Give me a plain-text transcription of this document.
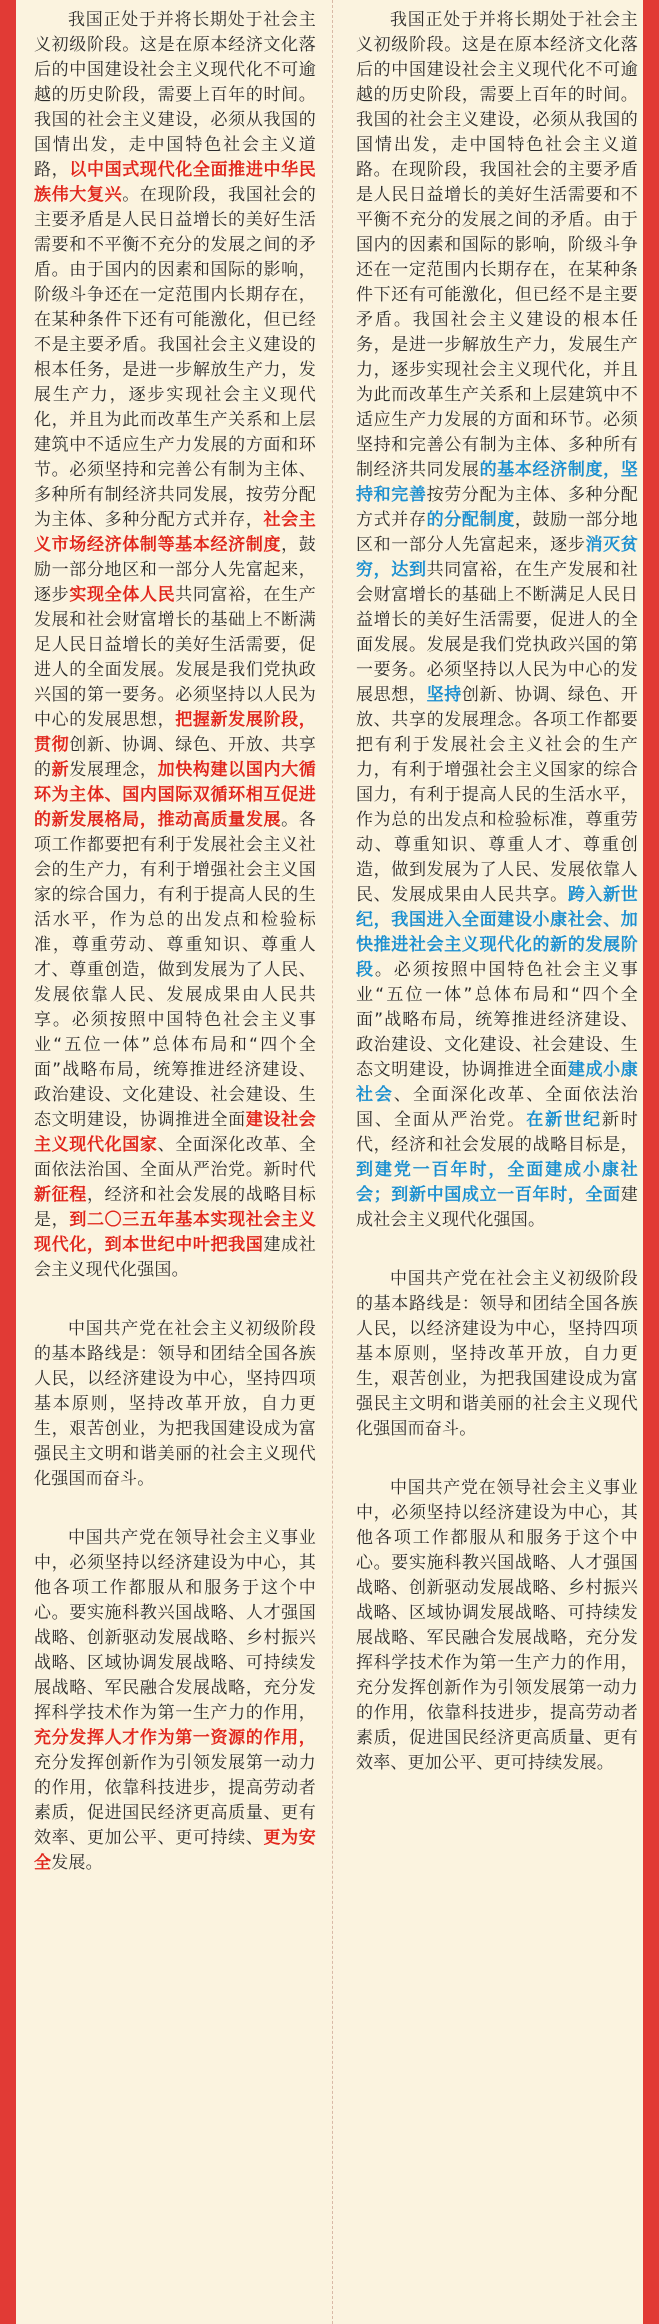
我国正处于并将长期处于社会主义初级阶段。这是在原本经济文化落后的中国建设社会主义现代化不可逾越的历史阶段，需要上百年的时间。我国的社会主义建设，必须从我国的国情出发，走中国特色社会主义道路，以中国式现代化全面推进中华民族伟大复兴。在现阶段，我国社会的主要矛盾是人民日益增长的美好生活需要和不平衡不充分的发展之间的矛盾。由于国内的因素和国际的影响，阶级斗争还在一定范围内长期存在，在某种条件下还有可能激化，但已经不是主要矛盾。我国社会主义建设的根本任务，是进一步解放生产力，发展生产力，逐步实现社会主义现代化，并且为此而改革生产关系和上层建筑中不适应生产力发展的方面和环节。必须坚持和完善公有制为主体、多种所有制经济共同发展，按劳分配为主体、多种分配方式并存，社会主义市场经济体制等基本经济制度，鼓励一部分地区和一部分人先富起来，逐步实现全体人民共同富裕，在生产发展和社会财富增长的基础上不断满足人民日益增长的美好生活需要，促进人的全面发展。发展是我们党执政兴国的第一要务。必须坚持以人民为中心的发展思想，把握新发展阶段，贯彻创新、协调、绿色、开放、共享的新发展理念，加快构建以国内大循环为主体、国内国际双循环相互促进的新发展格局，推动高质量发展。各项工作都要把有利于发展社会主义社会的生产力，有利于增强社会主义国家的综合国力，有利于提高人民的生活水平，作为总的出发点和检验标准，尊重劳动、尊重知识、尊重人才、尊重创造，做到发展为了人民、发展依靠人民、发展成果由人民共享。必须按照中国特色社会主义事业“五位一体”总体布局和“四个全面”战略布局，统筹推进经济建设、政治建设、文化建设、社会建设、生态文明建设，协调推进全面建设社会主义现代化国家、全面深化改革、全面依法治国、全面从严治党。新时代新征程，经济和社会发展的战略目标是，到二〇三五年基本实现社会主义现代化，到本世纪中叶把我国建成社会主义现代化强国。

中国共产党在社会主义初级阶段的基本路线是：领导和团结全国各族人民，以经济建设为中心，坚持四项基本原则，坚持改革开放，自力更生，艰苦创业，为把我国建设成为富强民主文明和谐美丽的社会主义现代化强国而奋斗。

中国共产党在领导社会主义事业中，必须坚持以经济建设为中心，其他各项工作都服从和服务于这个中心。要实施科教兴国战略、人才强国战略、创新驱动发展战略、乡村振兴战略、区域协调发展战略、可持续发展战略、军民融合发展战略，充分发挥科学技术作为第一生产力的作用，充分发挥人才作为第一资源的作用，充分发挥创新作为引领发展第一动力的作用，依靠科技进步，提高劳动者素质，促进国民经济更高质量、更有效率、更加公平、更可持续、更为安全发展。

我国正处于并将长期处于社会主义初级阶段。这是在原本经济文化落后的中国建设社会主义现代化不可逾越的历史阶段，需要上百年的时间。我国的社会主义建设，必须从我国的国情出发，走中国特色社会主义道路。在现阶段，我国社会的主要矛盾是人民日益增长的美好生活需要和不平衡不充分的发展之间的矛盾。由于国内的因素和国际的影响，阶级斗争还在一定范围内长期存在，在某种条件下还有可能激化，但已经不是主要矛盾。我国社会主义建设的根本任务，是进一步解放生产力，发展生产力，逐步实现社会主义现代化，并且为此而改革生产关系和上层建筑中不适应生产力发展的方面和环节。必须坚持和完善公有制为主体、多种所有制经济共同发展的基本经济制度，坚持和完善按劳分配为主体、多种分配方式并存的分配制度，鼓励一部分地区和一部分人先富起来，逐步消灭贫穷，达到共同富裕，在生产发展和社会财富增长的基础上不断满足人民日益增长的美好生活需要，促进人的全面发展。发展是我们党执政兴国的第一要务。必须坚持以人民为中心的发展思想，坚持创新、协调、绿色、开放、共享的发展理念。各项工作都要把有利于发展社会主义社会的生产力，有利于增强社会主义国家的综合国力，有利于提高人民的生活水平，作为总的出发点和检验标准，尊重劳动、尊重知识、尊重人才、尊重创造，做到发展为了人民、发展依靠人民、发展成果由人民共享。跨入新世纪，我国进入全面建设小康社会、加快推进社会主义现代化的新的发展阶段。必须按照中国特色社会主义事业“五位一体”总体布局和“四个全面”战略布局，统筹推进经济建设、政治建设、文化建设、社会建设、生态文明建设，协调推进全面建成小康社会、全面深化改革、全面依法治国、全面从严治党。在新世纪新时代，经济和社会发展的战略目标是，到建党一百年时，全面建成小康社会；到新中国成立一百年时，全面建成社会主义现代化强国。

中国共产党在社会主义初级阶段的基本路线是：领导和团结全国各族人民，以经济建设为中心，坚持四项基本原则，坚持改革开放，自力更生，艰苦创业，为把我国建设成为富强民主文明和谐美丽的社会主义现代化强国而奋斗。

中国共产党在领导社会主义事业中，必须坚持以经济建设为中心，其他各项工作都服从和服务于这个中心。要实施科教兴国战略、人才强国战略、创新驱动发展战略、乡村振兴战略、区域协调发展战略、可持续发展战略、军民融合发展战略，充分发挥科学技术作为第一生产力的作用，充分发挥创新作为引领发展第一动力的作用，依靠科技进步，提高劳动者素质，促进国民经济更高质量、更有效率、更加公平、更可持续发展。
